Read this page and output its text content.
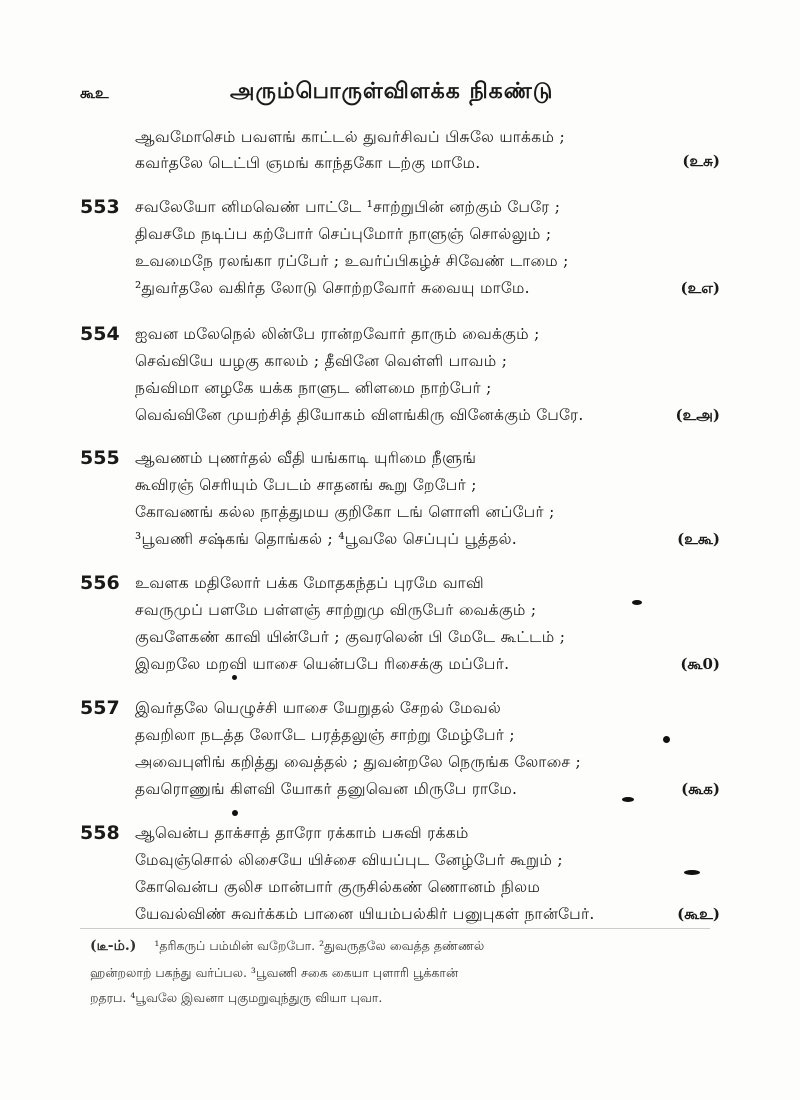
கூஉ	அரும்பொருள்விளக்க நிகண்டு
ஆவமோசெம் பவளங் காட்டல் துவர்சிவப் பிசுலே யாக்கம் ;
கவர்தலே டெட்பி ஞமங் காந்தகோ டற்கு மாமே.	(உசு)
553 சவலேயோ னிமவெண் பாட்டே ¹சாற்றுபின் னற்கும் பேரே ;
திவசமே நடிப்ப கற்போர் செப்புமோர் நாளுஞ் சொல்லும் ;
உவமைநே ரலங்கா ரப்பேர் ; உவர்ப்பிகழ்ச் சிவேண் டாமை ;
²துவர்தலே வகிர்த லோடு சொற்றவோர் சுவையு மாமே.	(உஎ)
554 ஐவன மலேநெல் லின்பே ரான்றவோர் தாரும் வைக்கும் ;
செவ்வியே யழகு காலம் ; தீவினே வெள்ளி பாவம் ;
நவ்விமா னழகே யக்க நாளுட னிளமை நாற்பேர் ;
வெவ்வினே முயற்சித் தியோகம் விளங்கிரு வினேக்கும் பேரே.	(உஅ)
555 ஆவணம் புணர்தல் வீதி யங்காடி யுரிமை நீளுங்
கூவிரஞ் செரியும் பேடம் சாதனங் கூறு றேபேர் ;
கோவணங் கல்ல நாத்துமய குறிகோ டங் ளொளி னப்பேர் ;
³பூவணி சஷ்கங் தொங்கல் ; ⁴பூவலே செப்புப் பூத்தல்.	(உகூ)
556 உவளக மதிலோர் பக்க மோதகந்தப் புரமே வாவி
சவருமுப் பளமே பள்ளஞ் சாற்றுமு விருபேர் வைக்கும் ;
குவளேகண் காவி யின்பேர் ; குவரலென் பி மேடே கூட்டம் ;
இவறலே மறவி யாசை யென்பபே ரிசைக்கு மப்பேர்.	(கூ0)
557 இவர்தலே யெழுச்சி யாசை யேறுதல் சேறல் மேவல்
தவறிலா நடத்த லோடே பரத்தலுஞ் சாற்று மேழ்பேர் ;
அவைபுளிங் கறித்து வைத்தல் ; துவன்றலே நெருங்க லோசை ;
தவரொணுங் கிளவி யோகர் தனுவென மிருபே ராமே.	(கூக)
558 ஆவென்ப தாக்சாத் தாரோ ரக்காம் பசுவி ரக்கம்
மேவுஞ்சொல் லிசையே யிச்சை வியப்புட னேழ்பேர் கூறும் ;
கோவென்ப குலிச மான்பார் குருசில்கண் ணொனம் நிலம
யேவல்விண் சுவர்க்கம் பானை யியம்பல்கிர் பனுபுகள் நான்பேர்.	(கூஉ)
(டீ-ம்.) ¹தரிகருப் பம்மின் வறேபோ. ²துவருதலே வைத்த தண்ணல்
ஹன்றலாற் பகந்து வர்ப்பல. ³பூவணி சகை கையா புளாரி பூக்கான்
றதரப. ⁴பூவலே இவனா புகுமறுவுந்துரு வியா புவா.
